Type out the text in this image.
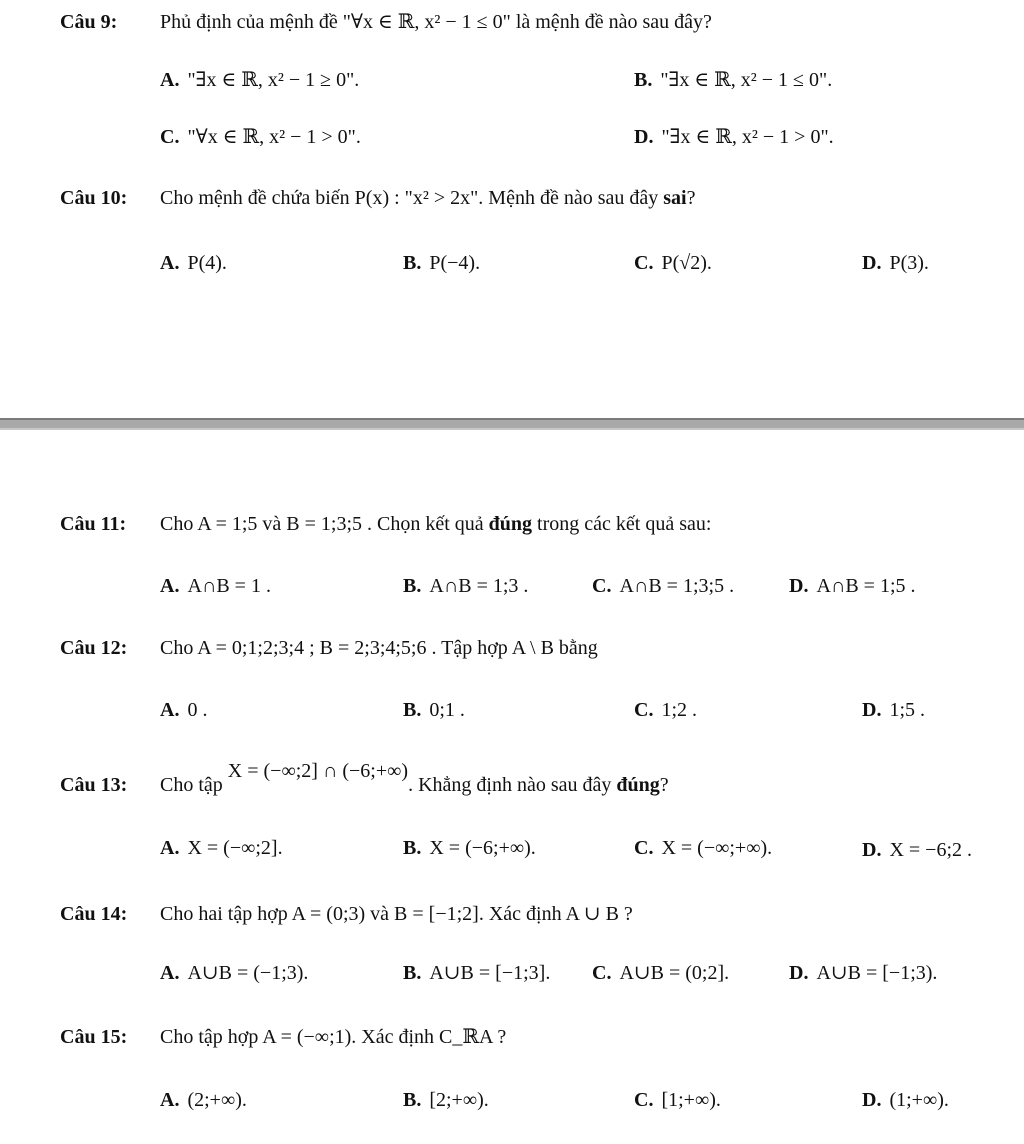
Câu 9: Phủ định của mệnh đề "∀x ∈ ℝ, x² − 1 ≤ 0" là mệnh đề nào sau đây?
A. "∃x ∈ ℝ, x² − 1 ≥ 0".	B. "∃x ∈ ℝ, x² − 1 ≤ 0".
C. "∀x ∈ ℝ, x² − 1 > 0".	D. "∃x ∈ ℝ, x² − 1 > 0".
Câu 10: Cho mệnh đề chứa biến P(x) : "x² > 2x". Mệnh đề nào sau đây sai?
A. P(4).	B. P(−4).	C. P(√2).	D. P(3).
Câu 11: Cho A = 1;5 và B = 1;3;5 . Chọn kết quả đúng trong các kết quả sau:
A. A∩B = 1 .	B. A∩B = 1;3 .	C. A∩B = 1;3;5 .	D. A∩B = 1;5 .
Câu 12: Cho A = 0;1;2;3;4 ; B = 2;3;4;5;6 . Tập hợp A \ B bằng
A. 0 .	B. 0;1 .	C. 1;2 .	D. 1;5 .
Câu 13: Cho tập X = (−∞;2] ∩ (−6;+∞). Khẳng định nào sau đây đúng?
A. X = (−∞;2].	B. X = (−6;+∞).	C. X = (−∞;+∞).	D. X = −6;2 .
Câu 14: Cho hai tập hợp A = (0;3) và B = [−1;2]. Xác định A ∪ B ?
A. A∪B = (−1;3).	B. A∪B = [−1;3]. C. A∪B = (0;2].	D. A∪B = [−1;3).
Câu 15: Cho tập hợp A = (−∞;1). Xác định C_ℝA ?
A. (2;+∞).	B. [2;+∞).	C. [1;+∞).	D. (1;+∞).
